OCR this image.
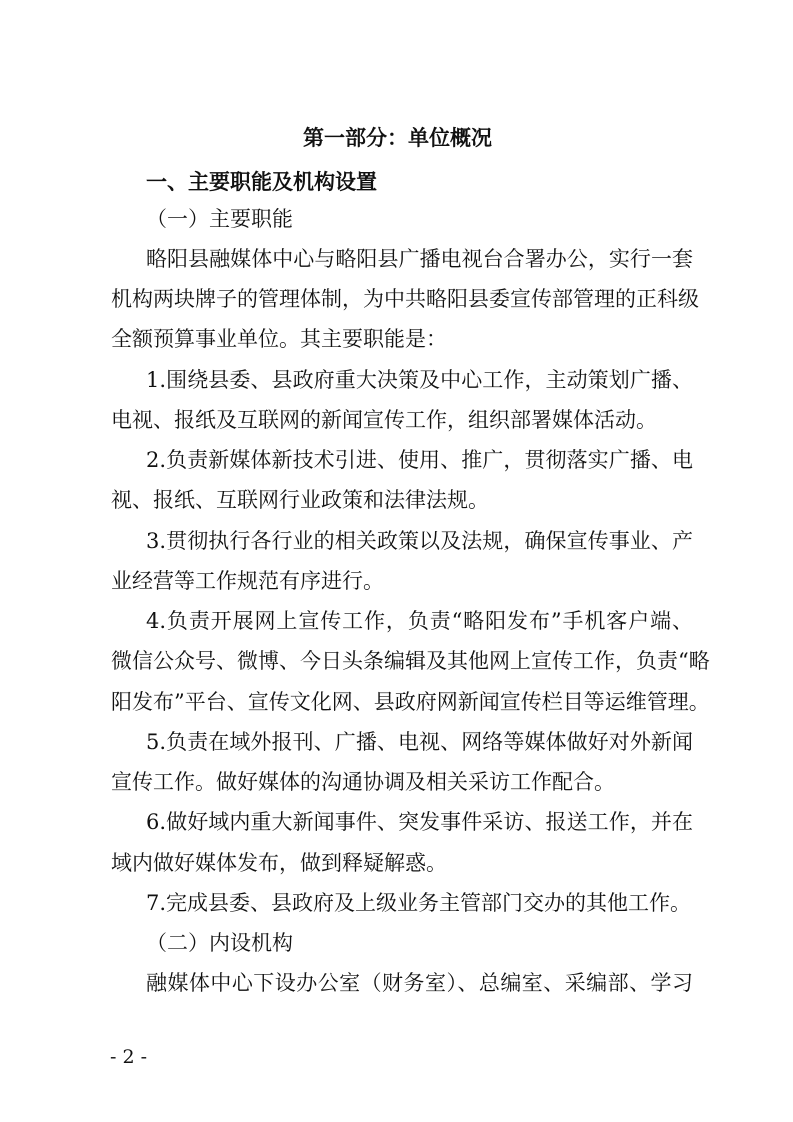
第一部分：单位概况

一、主要职能及机构设置

（一）主要职能

略阳县融媒体中心与略阳县广播电视台合署办公，实行一套

机构两块牌子的管理体制，为中共略阳县委宣传部管理的正科级

全额预算事业单位。其主要职能是：

1.围绕县委、县政府重大决策及中心工作，主动策划广播、

电视、报纸及互联网的新闻宣传工作，组织部署媒体活动。

2.负责新媒体新技术引进、使用、推广，贯彻落实广播、电

视、报纸、互联网行业政策和法律法规。

3.贯彻执行各行业的相关政策以及法规，确保宣传事业、产

业经营等工作规范有序进行。

4.负责开展网上宣传工作，负责“略阳发布”手机客户端、

微信公众号、微博、今日头条编辑及其他网上宣传工作，负责“略

阳发布”平台、宣传文化网、县政府网新闻宣传栏目等运维管理。

5.负责在域外报刊、广播、电视、网络等媒体做好对外新闻

宣传工作。做好媒体的沟通协调及相关采访工作配合。

6.做好域内重大新闻事件、突发事件采访、报送工作，并在

域内做好媒体发布，做到释疑解惑。

7.完成县委、县政府及上级业务主管部门交办的其他工作。

（二）内设机构

融媒体中心下设办公室（财务室）、总编室、采编部、学习

- 2 -
